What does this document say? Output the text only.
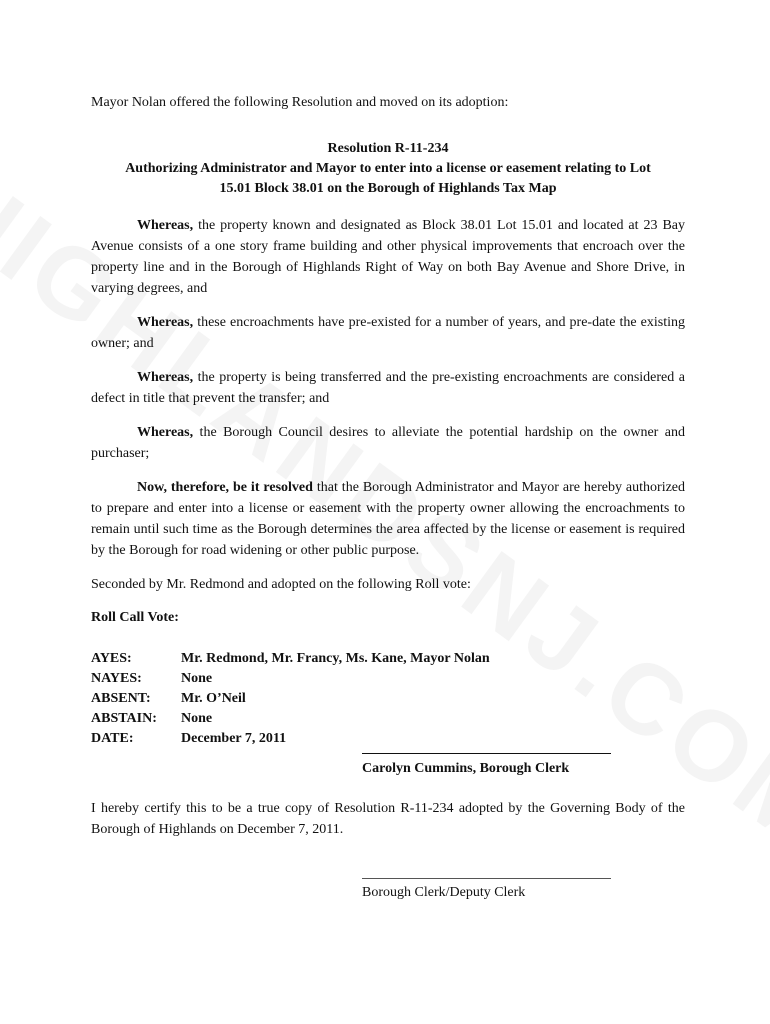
Mayor Nolan offered the following Resolution and moved on its adoption:

Resolution R-11-234

Authorizing Administrator and Mayor to enter into a license or easement relating to Lot

15.01 Block 38.01 on the Borough of Highlands Tax Map

Whereas, the property known and designated as Block 38.01 Lot 15.01 and located at 23 Bay Avenue consists of a one story frame building and other physical improvements that encroach over the property line and in the Borough of Highlands Right of Way on both Bay Avenue and Shore Drive, in varying degrees, and

Whereas, these encroachments have pre-existed for a number of years, and pre-date the existing owner; and

Whereas, the property is being transferred and the pre-existing encroachments are considered a defect in title that prevent the transfer; and

Whereas, the Borough Council desires to alleviate the potential hardship on the owner and purchaser;

Now, therefore, be it resolved that the Borough Administrator and Mayor are hereby authorized to prepare and enter into a license or easement with the property owner allowing the encroachments to remain until such time as the Borough determines the area affected by the license or easement is required by the Borough for road widening or other public purpose.

Seconded by Mr. Redmond and adopted on the following Roll vote:

Roll Call Vote:

AYES:	Mr. Redmond, Mr. Francy, Ms. Kane, Mayor Nolan
NAYES:	None
ABSENT:	Mr. O’Neil
ABSTAIN:	None
DATE:	December 7, 2011
Carolyn Cummins, Borough Clerk

I hereby certify this to be a true copy of Resolution R-11-234 adopted by the Governing Body of the Borough of Highlands on December 7, 2011.

Borough Clerk/Deputy Clerk
